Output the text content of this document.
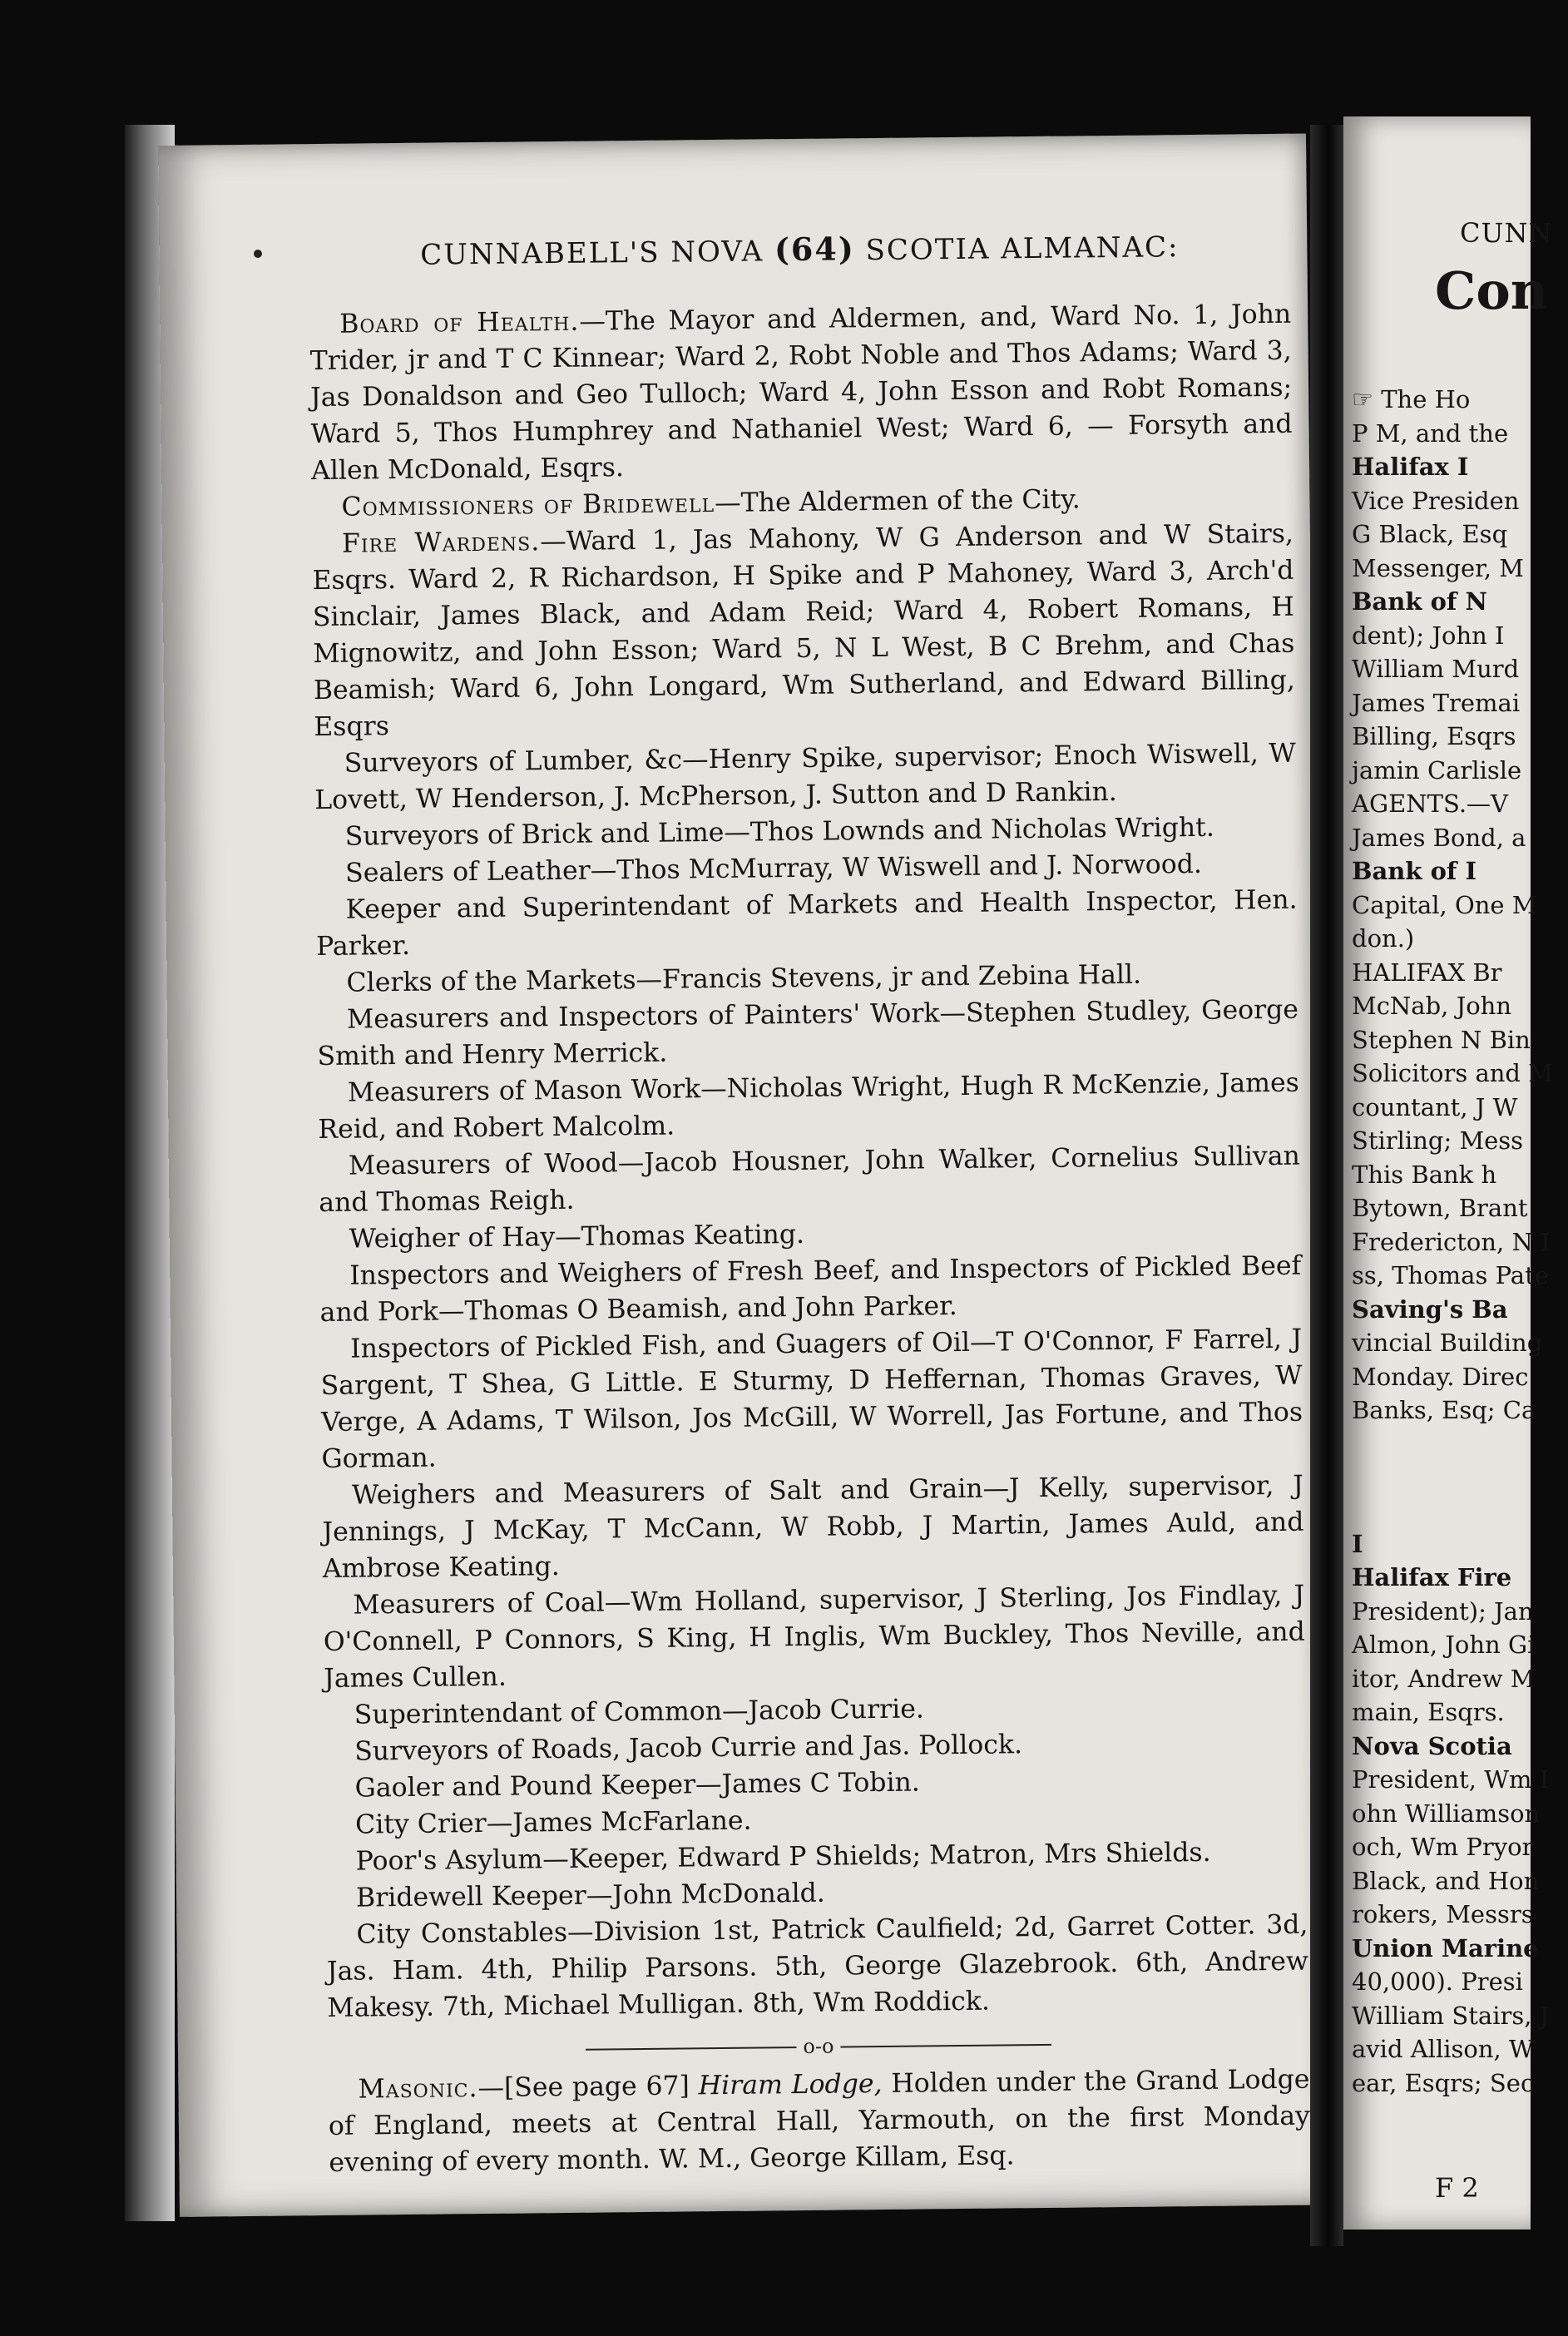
CUNNABELL'S NOVA (64) SCOTIA ALMANAC:

Board of Health.—The Mayor and Aldermen, and, Ward No. 1, John Trider, jr and T C Kinnear; Ward 2, Robt Noble and Thos Adams; Ward 3, Jas Donaldson and Geo Tulloch; Ward 4, John Esson and Robt Romans; Ward 5, Thos Humphrey and Nathaniel West; Ward 6, — Forsyth and Allen McDonald, Esqrs.

Commissioners of Bridewell—The Aldermen of the City.

Fire Wardens.—Ward 1, Jas Mahony, W G Anderson and W Stairs, Esqrs. Ward 2, R Richardson, H Spike and P Mahoney, Ward 3, Arch'd Sinclair, James Black, and Adam Reid; Ward 4, Robert Romans, H Mignowitz, and John Esson; Ward 5, N L West, B C Brehm, and Chas Beamish; Ward 6, John Longard, Wm Sutherland, and Edward Billing, Esqrs

Surveyors of Lumber, &c—Henry Spike, supervisor; Enoch Wiswell, W Lovett, W Henderson, J. McPherson, J. Sutton and D Rankin.

Surveyors of Brick and Lime—Thos Lownds and Nicholas Wright.

Sealers of Leather—Thos McMurray, W Wiswell and J. Norwood.

Keeper and Superintendant of Markets and Health Inspector, Hen. Parker.

Clerks of the Markets—Francis Stevens, jr and Zebina Hall.

Measurers and Inspectors of Painters' Work—Stephen Studley, George Smith and Henry Merrick.

Measurers of Mason Work—Nicholas Wright, Hugh R McKenzie, James Reid, and Robert Malcolm.

Measurers of Wood—Jacob Housner, John Walker, Cornelius Sullivan and Thomas Reigh.

Weigher of Hay—Thomas Keating.

Inspectors and Weighers of Fresh Beef, and Inspectors of Pickled Beef and Pork—Thomas O Beamish, and John Parker.

Inspectors of Pickled Fish, and Guagers of Oil—T O'Connor, F Farrel, J Sargent, T Shea, G Little. E Sturmy, D Heffernan, Thomas Graves, W Verge, A Adams, T Wilson, Jos McGill, W Worrell, Jas Fortune, and Thos Gorman.

Weighers and Measurers of Salt and Grain—J Kelly, supervisor, J Jennings, J McKay, T McCann, W Robb, J Martin, James Auld, and Ambrose Keating.

Measurers of Coal—Wm Holland, supervisor, J Sterling, Jos Findlay, J O'Connell, P Connors, S King, H Inglis, Wm Buckley, Thos Neville, and James Cullen.

Superintendant of Common—Jacob Currie.

Surveyors of Roads, Jacob Currie and Jas. Pollock.

Gaoler and Pound Keeper—James C Tobin.

City Crier—James McFarlane.

Poor's Asylum—Keeper, Edward P Shields; Matron, Mrs Shields.

Bridewell Keeper—John McDonald.

City Constables—Division 1st, Patrick Caulfield; 2d, Garret Cotter. 3d, Jas. Ham. 4th, Philip Parsons. 5th, George Glazebrook. 6th, Andrew Makesy. 7th, Michael Mulligan. 8th, Wm Roddick.

o-o

Masonic.—[See page 67] Hiram Lodge, Holden under the Grand Lodge of England, meets at Central Hall, Yarmouth, on the first Monday evening of every month. W. M., George Killam, Esq.

CUNN
Con
☞ The Ho
P M, and the
Halifax I
Vice Presiden
G Black, Esq
Messenger, M
Bank of N
dent); John I
William Murd
James Tremai
Billing, Esqrs
jamin Carlisle
AGENTS.—V
James Bond, a
Bank of I
Capital, One M
don.)
HALIFAX Br
McNab, John
Stephen N Bin
Solicitors and M
countant, J W
Stirling; Mess
This Bank h
Bytown, Brant
Fredericton, N I
ss, Thomas Pate
Saving's Ba
vincial Building
Monday. Direc
Banks, Esq; Ca
I
Halifax Fire
President); Jan
Almon, John Gi
itor, Andrew M
main, Esqrs.
Nova Scotia
President, Wm I
ohn Williamson
och, Wm Pryor
Black, and Hon
rokers, Messrs
Union Marine
40,000). Presi
William Stairs, J
avid Allison, W
ear, Esqrs; Sec
F 2
